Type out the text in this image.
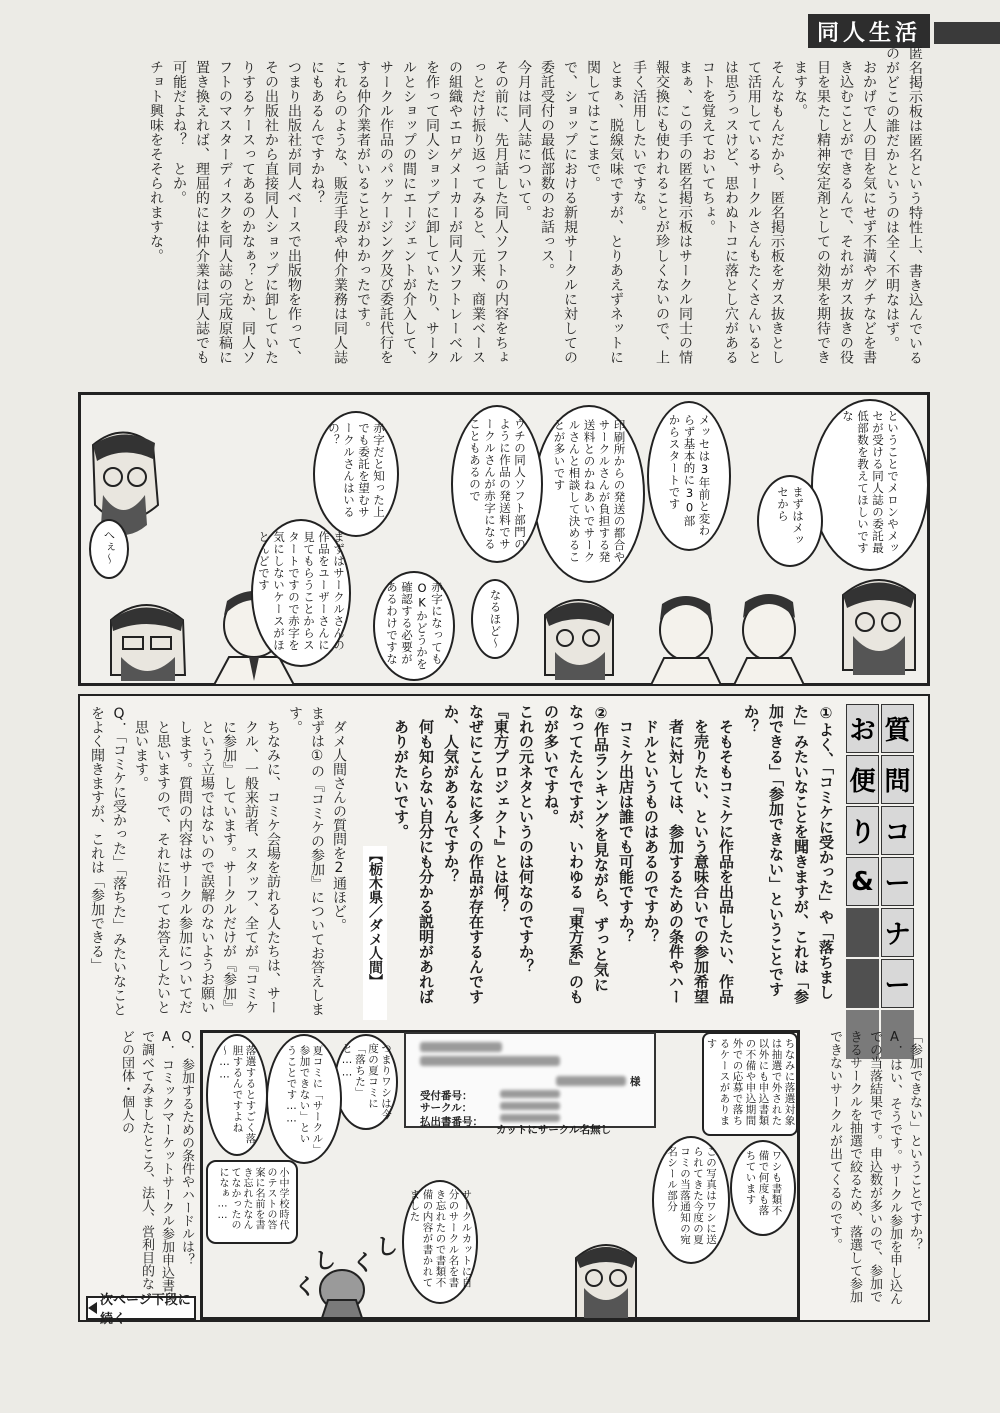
同人生活

匿名掲示板は匿名という特性上、書き込んでいるのがどこの誰だかというのは全く不明なはず。

おかげで人の目を気にせず不満やグチなどを書き込むことができるんで、それがガス抜きの役目を果たし精神安定剤としての効果を期待できますな。

そんなもんだから、匿名掲示板をガス抜きとして活用しているサークルさんもたくさんいるとは思うっスけど、思わぬトコに落とし穴があるコトを覚えておいてちょ。

まぁ、この手の匿名掲示板はサークル同士の情報交換にも使われることが珍しくないので、上手く活用したいですな。

とまぁ、脱線気味ですが、とりあえずネットに関してはここまで。

で、ショップにおける新規サークルに対しての委託受付の最低部数のお話っス。

今月は同人誌について。

その前に、先月話した同人ソフトの内容をちょっとだけ振り返ってみると、元来、商業ベースの組織やエロゲメーカーが同人ソフトレーベルを作って同人ショップに卸していたり、サークルとショップの間にエージェントが介入して、サークル作品のパッケージング及び委託代行をする仲介業者がいることがわかったです。

これらのような、販売手段や仲介業務は同人誌にもあるんですかね？

つまり出版社が同人ベースで出版物を作って、その出版社から直接同人ショップに卸していたりするケースってあるのかなぁ？とか、同人ソフトのマスターディスクを同人誌の完成原稿に置き換えれば、理屈的には仲介業は同人誌でも可能だよね？　とか。

チョト興味をそそられますな。

ということでメロンやメッセが受ける同人誌の委託最低部数を教えてほしいですな
まずはメッセから
メッセは3年前と変わらず基本的に30部からスタートです
印刷所からの発送の都合やサークルさんが負担する発送料とのかねあいでサークルさんと相談して決めることが多いです
ウチの同人ソフト部門のように作品の発送料でサークルさんが赤字になることもあるので
なるほど～
赤字になってもOKかどうかを確認する必要があるわけですな
赤字だと知った上でも委託を望むサークルさんはいるの？
まずはサークルさんの作品をユーザーさんに見てもらうことからスタートですので赤字を気にしないケースがほとんどです
へぇ～
お
便
り
&
質
問
コ
ー
ナ
ー

①よく、「コミケに受かった」や「落ちました」みたいなことを聞きますが、これは「参加できる」「参加できない」ということですか？

そもそもコミケに作品を出品したい、作品を売りたい、という意味合いでの参加希望者に対しては、参加するための条件やハードルというものはあるのですか？

コミケ出店は誰でも可能ですか？

②作品ランキングを見ながら、ずっと気になってたんですが、いわゆる『東方系』のものが多いですね。

これの元ネタというのは何なのですか？

『東方プロジェクト』とは何？

なぜにこんなに多くの作品が存在するんですか、人気があるんですか？

何も知らない自分にも分かる説明があればありがたいです。

【栃木県／ダメ人間】

ダメ人間さんの質問を2通ほど。

まずは①の『コミケの参加』についてお答えします。

ちなみに、コミケ会場を訪れる人たちは、サークル、一般来訪者、スタッフ、全てが『コミケに参加』しています。サークルだけが『参加』という立場ではないので誤解のないようお願いします。質問の内容はサークル参加についてだと思いますので、それに沿ってお答えしたいと思います。

Q．「コミケに受かった」「落ちた」みたいなことをよく聞きますが、これは「参加できる」

「参加できない」ということですか？

A．はい、そうです。サークル参加を申し込んでの当落結果です。申込数が多いので、参加できるサークルを抽選で絞るため、落選して参加できないサークルが出てくるのです。

Q．参加するための条件やハードルは？

A．コミックマーケットサークル参加申込書で調べてみましたところ、法人、営利目的などの団体・個人の	様
受付番号：
サークル：
払出書番号：
カットにサークル名無し
ちなみに落選対象は抽選で外された以外にも申込書類の不備や申込期間外での応募で落ちるケースがあります
ワシも書類不備で何度も落ちています
この写真はワシに送られてきた今度の夏コミの当落通知の宛名シール部分
サークルカットに自分のサークル名を書き忘れたので書類不備の内容が書かれてました
つまりワシは今度の夏コミに「落ちた」と……
夏コミに「サークル」参加できない」ということです……
落選するとすごく落胆するんですよね～……
小中学校時代のテストの答案に名前を書き忘れたなんてなかったのになぁ……
し
く
し
く
次ページ下段に続く
